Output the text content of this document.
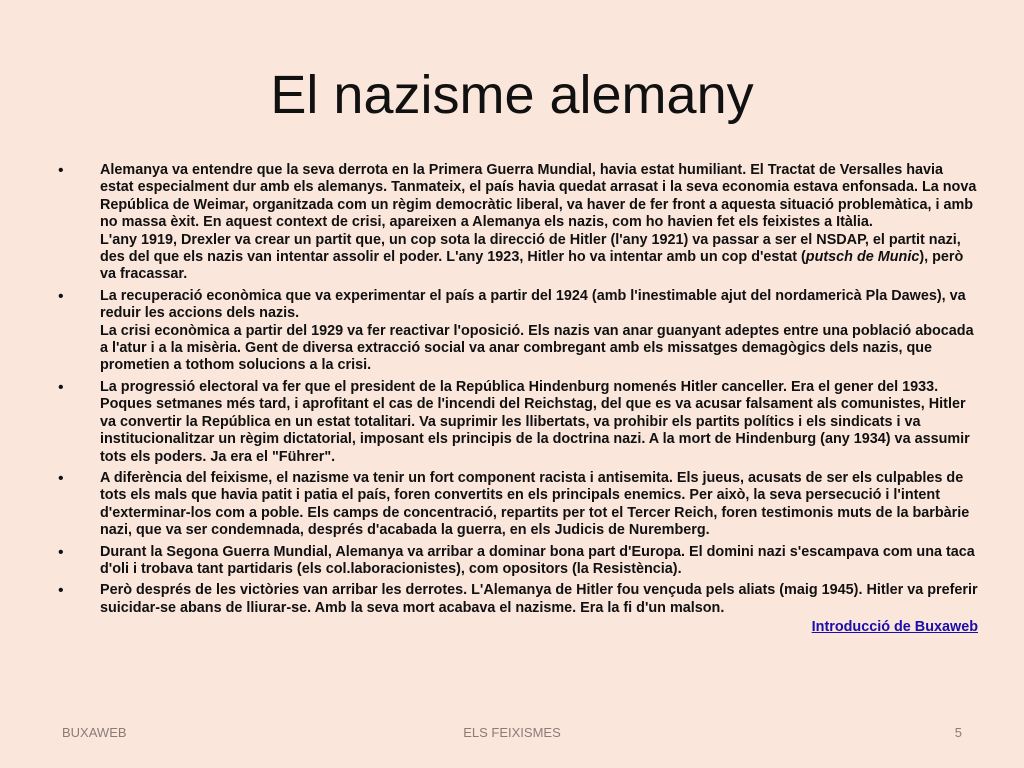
El nazisme alemany
•	Alemanya va entendre que la seva derrota en la Primera Guerra Mundial, havia estat humiliant. El Tractat de Versalles havia estat especialment dur amb els alemanys. Tanmateix, el país havia quedat arrasat i la seva economia estava enfonsada. La nova República de Weimar, organitzada com un règim democràtic liberal, va haver de fer front a aquesta situació problemàtica, i amb no massa èxit. En aquest context de crisi, apareixen a Alemanya els nazis, com ho havien fet els feixistes a Itàlia.
L'any 1919, Drexler va crear un partit que, un cop sota la direcció de Hitler (l'any 1921) va passar a ser el NSDAP, el partit nazi, des del que els nazis van intentar assolir el poder. L'any 1923, Hitler ho va intentar amb un cop d'estat (putsch de Munic), però va fracassar.
•	La recuperació econòmica que va experimentar el país a partir del 1924 (amb l'inestimable ajut del nordamericà Pla Dawes), va reduir les accions dels nazis.
La crisi econòmica a partir del 1929 va fer reactivar l'oposició. Els nazis van anar guanyant adeptes entre una població abocada a l'atur i a la misèria. Gent de diversa extracció social va anar combregant amb els missatges demagògics dels nazis, que prometien a tothom solucions a la crisi.
•	La progressió electoral va fer que el president de la República Hindenburg nomenés Hitler canceller. Era el gener del 1933.
Poques setmanes més tard, i aprofitant el cas de l'incendi del Reichstag, del que es va acusar falsament als comunistes, Hitler va convertir la República en un estat totalitari. Va suprimir les llibertats, va prohibir els partits polítics i els sindicats i va institucionalitzar un règim dictatorial, imposant els principis de la doctrina nazi. A la mort de Hindenburg (any 1934) va assumir tots els poders. Ja era el "Führer".
•	A diferència del feixisme, el nazisme va tenir un fort component racista i antisemita. Els jueus, acusats de ser els culpables de tots els mals que havia patit i patia el país, foren convertits en els principals enemics. Per això, la seva persecució i l'intent d'exterminar-los com a poble. Els camps de concentració, repartits per tot el Tercer Reich, foren testimonis muts de la barbàrie nazi, que va ser condemnada, després d'acabada la guerra, en els Judicis de Nuremberg.
•	Durant la Segona Guerra Mundial, Alemanya va arribar a dominar bona part d'Europa. El domini nazi s'escampava com una taca d'oli i trobava tant partidaris (els col.laboracionistes), com opositors (la Resistència).
•	Però després de les victòries van arribar les derrotes. L'Alemanya de Hitler fou vençuda pels aliats (maig 1945). Hitler va preferir suicidar-se abans de lliurar-se. Amb la seva mort acabava el nazisme. Era la fi d'un malson.
Introducció de Buxaweb
BUXAWEB	ELS FEIXISMES	5
